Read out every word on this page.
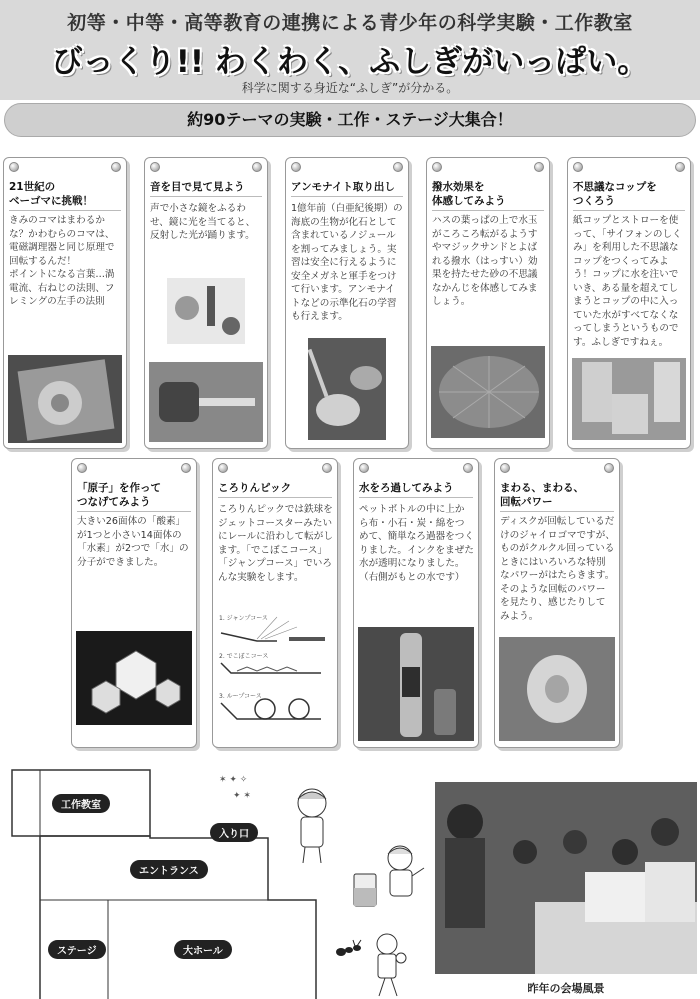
初等・中等・高等教育の連携による青少年の科学実験・工作教室
びっくり!! わくわく、ふしぎがいっぱい。
科学に関する身近な“ふしぎ”が分かる。
約90テーマの実験・工作・ステージ大集合！
21世紀の
ベーゴマに挑戦！
きみのコマはまわるかな？かわむらのコマは、電磁調理器と同じ原理で回転するんだ！
ポイントになる言葉…渦電流、右ねじの法則、フレミングの左手の法則
音を目で見て見よう
声で小さな鏡をふるわせ、鏡に光を当てると、反射した光が踊ります。
アンモナイト取り出し
1億年前（白亜紀後期）の海底の生物が化石として含まれているノジュールを割ってみましょう。実習は安全に行えるように安全メガネと軍手をつけて行います。アンモナイトなどの示準化石の学習も行えます。
撥水効果を
体感してみよう
ハスの葉っぱの上で水玉がころころ転がるようすやマジックサンドとよばれる撥水（はっすい）効果を持たせた砂の不思議なかんじを体感してみましょう。
不思議なコップを
つくろう
紙コップとストローを使って、「サイフォンのしくみ」を利用した不思議なコップをつくってみよう！コップに水を注いでいき、ある量を超えてしまうとコップの中に入っていた水がすべてなくなってしまうというものです。ふしぎですねぇ。
「原子」を作って
つなげてみよう
大きい26面体の「酸素」が1つと小さい14面体の「水素」が2つで「水」の分子ができました。
ころりんピック
ころりんピックでは鉄球をジェットコースターみたいにレールに沿わして転がします。「でこぼこコース」「ジャンプコース」でいろんな実験をします。
1. ジャンプコース
2. でこぼこコース
3. ループコース
水をろ過してみよう
ペットボトルの中に上から布・小石・炭・綿をつめて、簡単なろ過器をつくりました。インクをまぜた水が透明になりました。（右側がもとの水です）
まわる、まわる、
回転パワー
ディスクが回転しているだけのジャイロゴマですが、ものがクルクル回っているときにはいろいろな特別なパワーがはたらきます。そのような回転のパワーを見たり、感じたりしてみよう。
工作教室
入り口
エントランス
ステージ	大ホール
✶ ✦ ✧
✦ ✶
昨年の会場風景
